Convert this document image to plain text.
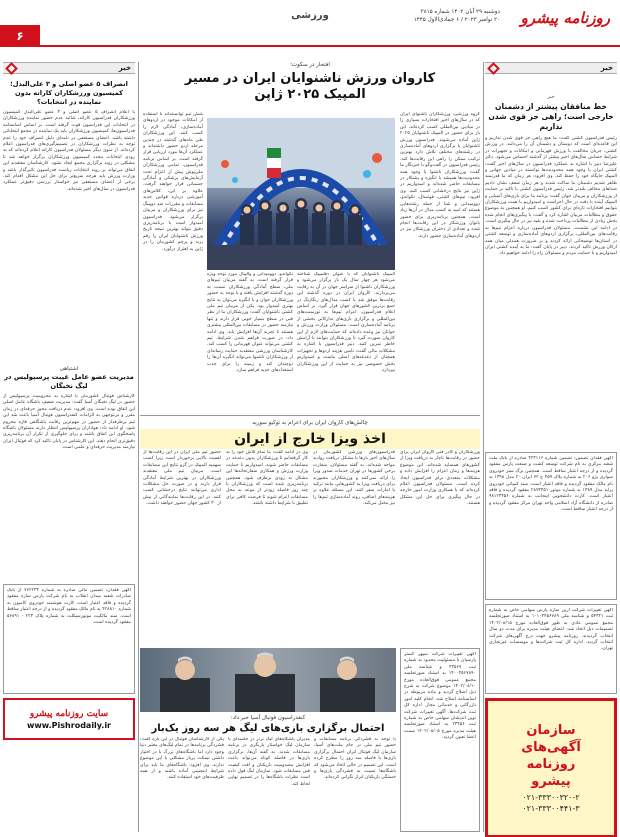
روزنامه پیشرو
دوشنبه ۲۹ آبان ۱۴۰۲ شماره ۳۸۱۵
۲۰ نوامبر ۲۰۲۳ / ۶ جمادی‌الاول ۱۴۴۵
ورزشی
۶
خبر
خبر
خط منافقان پیشتر از دشمنان خارجی است؛ راهی جز قوی شدن نداریم
رئیس فدراسیون کشتی گفت: ما هیچ راهی جز قوی شدن نداریم و این قاعده‌ای است که دوستان و دشمنان آن را می‌دانند. در ورزش کشتی، جریان مخالفت با ورزش قهرمانی و امکانات و تجهیزات در شرایط حساس سال‌های اخیر بیشتر از گذشته احساس می‌شود. دکتر علیرضا دبیر با اشاره به عملکرد فدراسیون در سال‌های اخیر گفت: کشتی ایران با وجود همه محدودیت‌ها توانسته در میادین جهانی و المپیک جایگاه خود را حفظ کند. وی افزود: هر زمان که ما قدرتمند ظاهر شدیم دشمنان ما ساکت شدند و هر زمان ضعف نشان دادیم صداهای مخالف بلندتر شد. رئیس فدراسیون کشتی با تاکید بر حمایت از ورزشکاران و مربیان جوان گفت: برنامه ما برای بازی‌های آسیایی و المپیک آینده با دقت در حال اجراست و امیدواریم با همت ورزشکاران بتوانیم افتخارات تازه‌ای برای کشور کسب کنیم. او همچنین به موضوع حقوق و مطالبات مربیان اشاره کرد و گفت: با پیگیری‌های انجام شده بخش زیادی از مطالبات پرداخت شده و بقیه نیز در حال پیگیری است. در ادامه این نشست، مسئولان فدراسیون درباره اعزام تیم‌ها به رقابت‌های بین‌المللی، برگزاری اردوهای آماده‌سازی و توسعه کشتی در استان‌ها توضیحاتی ارائه کردند و بر ضرورت همدلی میان همه ارکان ورزش تاکید کردند. دبیر در پایان گفت: ما به آینده کشتی ایران امیدواریم و با حمایت مردم و مسئولان راه را ادامه خواهیم داد.
آگهی فقدان تضمین: تضمین شماره ۴۲۳۱۱۶ صادره از بانک ملت شعبه مرکزی به نام شرکت توسعه کشت و صنعت پارس مفقود گردیده و از درجه اعتبار ساقط است. همچنین برگ سبز خودروی سواری پژو ۲۰۶ به شماره پلاک ۴۵۹ ج ۷۲ ایران ۲۰ مدل ۱۳۹۸ به نام مالک مفقود گردیده و فاقد اعتبار است. سند کمپانی خودروی پراید مدل ۱۳۸۹ به شماره موتور ۲۸۷۳۴۵۱ مفقود گردیده و فاقد اعتبار است. کارت دانشجویی اینجانب به شماره ۹۸۱۲۳۴۵۶ صادره از دانشگاه آزاد اسلامی واحد تهران مرکز مفقود گردیده و از درجه اعتبار ساقط است.
آگهی تغییرات شرکت آرین سازه پارس سهامی خاص به شماره ثبت ۵۴۳۲۱ و شناسه ملی ۱۰۱۰۳۴۵۶۷۸۹ به استناد صورتجلسه مجمع عمومی عادی به طور فوق‌العاده مورخ ۱۴۰۲/۰۸/۱۵ تصمیمات ذیل اتخاذ شد: اعضای هیئت مدیره برای مدت دو سال انتخاب گردیدند. روزنامه پیشرو جهت درج آگهی‌های شرکت انتخاب گردید. اداره کل ثبت شرکت‌ها و موسسات غیرتجاری تهران.
سازمان
آگهی‌های
روزنامه
پیشرو
۰۲۱-۳۳۳۰۰۳۲۰-۲
۰۲۱-۳۳۳۰۰۴۴۱-۳
افتخار در سکوت؛
کاروان ورزش ناشنوایان ایران در مسیر
المپیک ۲۰۲۵ ژاپن
گروه ورزشی: ورزشکاران ناشنوای ایران که در سال‌های اخیر افتخارات بسیاری را در میادین بین‌المللی کسب کرده‌اند، این بار برای حضور در المپیک ناشنوایان ۲۰۲۵ ژاپن آماده می‌شوند. فدراسیون ورزش ناشنوایان با برگزاری اردوهای آماده‌سازی در رشته‌های مختلف تلاش دارد بهترین ترکیب ممکن را راهی این رقابت‌ها کند. رئیس فدراسیون در گفت‌وگو با خبرنگار ما گفت: ورزشکاران ناشنوا با وجود همه محدودیت‌ها همیشه با انگیزه و پشتکار در مسابقات حاضر شده‌اند و امیدواریم در ژاپن نیز نتایج درخشانی کسب کنند. وی افزود: تیم‌های کشتی، فوتسال، تکواندو، دوومیدانی و شنا از جمله رشته‌هایی هستند که امید به کسب مدال در آن‌ها زیاد است. همچنین برنامه‌ریزی برای حضور بانوان ورزشکار در این رقابت‌ها انجام شده و تعدادی از دختران ورزشکار نیز در اردوهای آماده‌سازی حضور دارند.
المپیک ناشنوایان که با عنوان دفلمپیک شناخته می‌شود هر چهار سال یک بار برگزار می‌شود و ورزشکاران ناشنوا از سراسر جهان در آن به رقابت می‌پردازند. کاروان ایران در دوره گذشته این رقابت‌ها موفق شد با کسب مدال‌های رنگارنگ در جمع برترین کشورهای جهان قرار گیرد. بر اساس اعلام فدراسیون، اعزام تیم‌ها به تورنمنت‌های بین‌المللی و برگزاری بازی‌های تدارکاتی بخشی از برنامه آماده‌سازی است. مسئولان وزارت ورزش و جوانان نیز وعده داده‌اند که حمایت‌های لازم از این کاروان صورت گیرد تا ورزشکاران بتوانند با آرامش خاطر تمرین کنند. دبیر فدراسیون با اشاره به مشکلات مالی گفت: تامین هزینه اردوها و تجهیزات همچنان از دغدغه‌های اصلی ماست و امیدواریم بخش خصوصی نیز به حمایت از این ورزشکاران بپردازد.
تکواندو، دوومیدانی و والیبال مورد توجه ویژه قرار گرفته است. به گفته مربیان تیم‌های ملی، سطح آمادگی ورزشکاران نسبت به دوره گذشته افزایش یافته و با توجه به حضور ورزشکاران جوان و با انگیزه می‌توان به نتایج بهتری امیدوار بود. یکی از مربیان تیم ملی کشتی ناشنوایان گفت: ورزشکاران ما از نظر فنی در سطح بسیار خوبی قرار دارند و تنها نیازمند حضور در مسابقات بین‌المللی بیشتری هستند تا تجربه آن‌ها افزایش یابد. وی ادامه داد: در صورت فراهم شدن شرایط، تیم کشتی می‌تواند عنوان قهرمانی را کسب کند. کارشناسان ورزشی معتقدند حمایت رسانه‌ای از ورزشکاران ناشنوا می‌تواند انگیزه آن‌ها را دوچندان کند و زمینه را برای جذب استعدادهای جدید فراهم سازد.
شش تیم توانسته‌اند با استفاده از امکانات موجود در اردوهای آماده‌سازی، آمادگی لازم را کسب کنند. این ورزشکاران طی ماه‌های گذشته در چندین مرحله اردو حضور داشته‌اند و عملکرد آن‌ها مورد ارزیابی قرار گرفته است. بر اساس برنامه فدراسیون، تمامی ورزشکاران ملی‌پوش پیش از اعزام تحت آزمایش‌های پزشکی و آمادگی جسمانی قرار خواهند گرفت. علاوه بر این، کلاس‌های آموزشی درباره قوانین جدید مسابقات و مقررات ضد دوپینگ نیز برای ورزشکاران و مربیان برگزار می‌شود. فدراسیون امیدوار است با برنامه‌ریزی دقیق بتواند بهترین نتیجه تاریخ ورزش ناشنوایان ایران را رقم بزند و پرچم کشورمان را در ژاپن به اهتزاز درآورد.
چالش‌های کاروان ایران برای اعزام به توکیو سوریه
اخذ ویزا خارج از ایران
ورزشکاران و کادر فنی کاروان ایران برای حضور در رقابت‌ها ناچار به دریافت ویزا از کشورهای همسایه شده‌اند. این موضوع هزینه‌ها و زمان اعزام را افزایش داده و مشکلات متعددی برای فدراسیون ایجاد کرده است. مسئولان فدراسیون اعلام کرده‌اند که با همکاری وزارت امور خارجه در حال پیگیری برای حل این مشکل هستند.
فدراسیون‌های ورزشی کشورمان در سال‌های اخیر بارها با مشکل دریافت روادید مواجه شده‌اند. به گفته مسئولان، سفارت برخی کشورها در تهران خدمات صدور ویزا را ارائه نمی‌کنند و ورزشکاران مجبورند برای دریافت ویزا به کشورهایی مانند ترکیه یا امارات سفر کنند. این مسئله علاوه بر هزینه‌های اضافی، روند آماده‌سازی تیم‌ها را نیز مختل می‌کند.
وی در ادامه گفت: ما تمام تلاش خود را به کار گرفته‌ایم تا ورزشکاران بدون دغدغه در مسابقات حاضر شوند. امیدواریم با حمایت وزارت ورزش و همکاری سفارتخانه‌ها این مشکل به زودی برطرف شود. همچنین برنامه‌ریزی شده است که ورزشکاران با چند روز فاصله زودتر از موعد به محل مسابقات اعزام شوند تا فرصت کافی برای تطبیق با شرایط داشته باشند.
حضور تیم ملی ایران در این رقابت‌ها از اهمیت بالایی برخوردار است زیرا کسب سهمیه المپیک در گرو نتایج این مسابقات است. مربیان تیم ملی معتقدند ورزشکاران در بهترین شرایط آمادگی قرار دارند و در صورت حل مشکلات اداری می‌توانند نتایج درخشانی کسب کنند. در این رقابت‌ها نمایندگانی از بیش از ۳۰ کشور جهان حضور خواهند داشت.
آگهی تغییرات شرکت سپهر گستر پارسیان با مسئولیت محدود به شماره ثبت ۴۳۵۶۷ و شناسه ملی ۱۴۰۰۴۵۶۷۸۹۰ به استناد صورتجلسه مجمع عمومی فوق‌العاده مورخ ۱۴۰۲/۰۸/۱۰ موضوع شرکت به شرح ذیل اصلاح گردید و ماده مربوطه در اساسنامه اصلاح شد: انجام کلیه امور بازرگانی و خدماتی مجاز. اداره کل ثبت شرکت‌ها. آگهی تغییرات شرکت نوین اندیشان سهامی خاص به شماره ثبت ۲۳۴۵۶ به استناد صورتجلسه هیئت مدیره مورخ ۱۴۰۲/۰۸/۰۵ سمت اعضا تعیین گردید.
کنفدراسیون فوتبال آسیا خبر داد:
احتمال برگزاری بازی‌های لیگ هر سه روز یک‌بار
با توجه به فشردگی برنامه مسابقات و حضور تیم ملی در جام ملت‌های آسیا، سازمان لیگ فوتبال ایران احتمال برگزاری بازی‌ها با فاصله سه روز را مطرح کرده است. این تصمیم در حالی اتخاذ می‌شود که باشگاه‌ها نسبت به فشردگی بازی‌ها و خستگی بازیکنان ابراز نگرانی کرده‌اند.
مدیران باشگاه‌های لیگ برتر در جلسه‌ای با سازمان لیگ خواستار بازنگری در برنامه مسابقات شدند. به گفته آن‌ها، برگزاری بازی‌ها در فاصله کوتاه می‌تواند باعث افزایش مصدومیت بازیکنان و افت کیفیت فنی مسابقات شود. سازمان لیگ قول داده است نظرات باشگاه‌ها را در تصمیم نهایی لحاظ کند.
یکی از کارشناسان فوتبال در این باره گفت: فشردگی برنامه‌ها در تمام لیگ‌های معتبر دنیا وجود دارد اما باشگاه‌های بزرگ با در اختیار داشتن نیمکت پربار مشکلی با این موضوع ندارند. وی افزود: باشگاه‌های ما باید برای شرایط اینچنینی آماده باشند و از همه ظرفیت‌های خود استفاده کنند.
خبر
انصراف ۵ عضو اصلی و ۳ علی‌البدل؛ کمیسیون ورزشکاران کاراته بدون نماینده در انتخابات؟
با اعلام انصراف ۵ عضو اصلی و ۳ عضو علی‌البدل کمیسیون ورزشکاران فدراسیون کاراته، شائبه عدم حضور نماینده ورزشکاران در انتخابات این فدراسیون قوت گرفته است. بر اساس اساسنامه فدراسیون‌ها، کمیسیون ورزشکاران باید یک نماینده در مجمع انتخاباتی داشته باشد. اعضای مستعفی در نامه‌ای دلیل انصراف خود را عدم توجه به نظرات ورزشکاران در تصمیم‌گیری‌های فدراسیون اعلام کرده‌اند. از سوی دیگر مسئولان فدراسیون کاراته اعلام کرده‌اند که به زودی انتخابات مجدد کمیسیون ورزشکاران برگزار خواهد شد تا مشکلی در روند برگزاری مجمع ایجاد نشود. کارشناسان معتقدند این اتفاق می‌تواند بر روند انتخابات ریاست فدراسیون تاثیرگذار باشد و وزارت ورزش باید هرچه سریع‌تر برای حل این مشکل اقدام کند. برخی از اعضای مستعفی نیز خواستار بررسی دقیق‌تر عملکرد فدراسیون در سال‌های اخیر شده‌اند.
اشتباهی
مدیریت عضو عامل غیبت پرسپولیس در لیگ نخبگان
کارشناس فوتبال کشورمان با اشاره به محرومیت پرسپولیس از حضور در لیگ نخبگان آسیا گفت: مدیریت ضعیف باشگاه عامل اصلی این اتفاق بوده است. وی افزود: عدم دریافت مجوز حرفه‌ای در زمان مقرر و بی‌توجهی به الزامات کنفدراسیون فوتبال آسیا باعث شد این تیم پرطرفدار از حضور در مهم‌ترین رقابت باشگاهی قاره محروم شود. او ادامه داد: هواداران پرسپولیس انتظار دارند مسئولان باشگاه پاسخگوی این اتفاق باشند و برای جلوگیری از تکرار آن برنامه‌ریزی دقیق‌تری انجام دهند. این کارشناس در پایان تاکید کرد که فوتبال ایران نیازمند مدیریت حرفه‌ای و علمی است.
آگهی فقدان: تضمین مالی صادره به شماره ۷۶۲۲۳۴ از بانک صادرات شعبه میدان انقلاب به نام شرکت پارس سازه مفقود گردیده و فاقد اعتبار است. کارت هوشمند خودروی کامیون به شماره ۴۲۸۸۱۰ به نام مالک مفقود گردیده و از درجه اعتبار ساقط است. سند مالکیت موتورسیکلت به شماره پلاک ۲۲۳ - ۵۶۸۹۱ مفقود گردیده است.
سایت روزنامه پیشرو
www.Pishrodaily.ir
